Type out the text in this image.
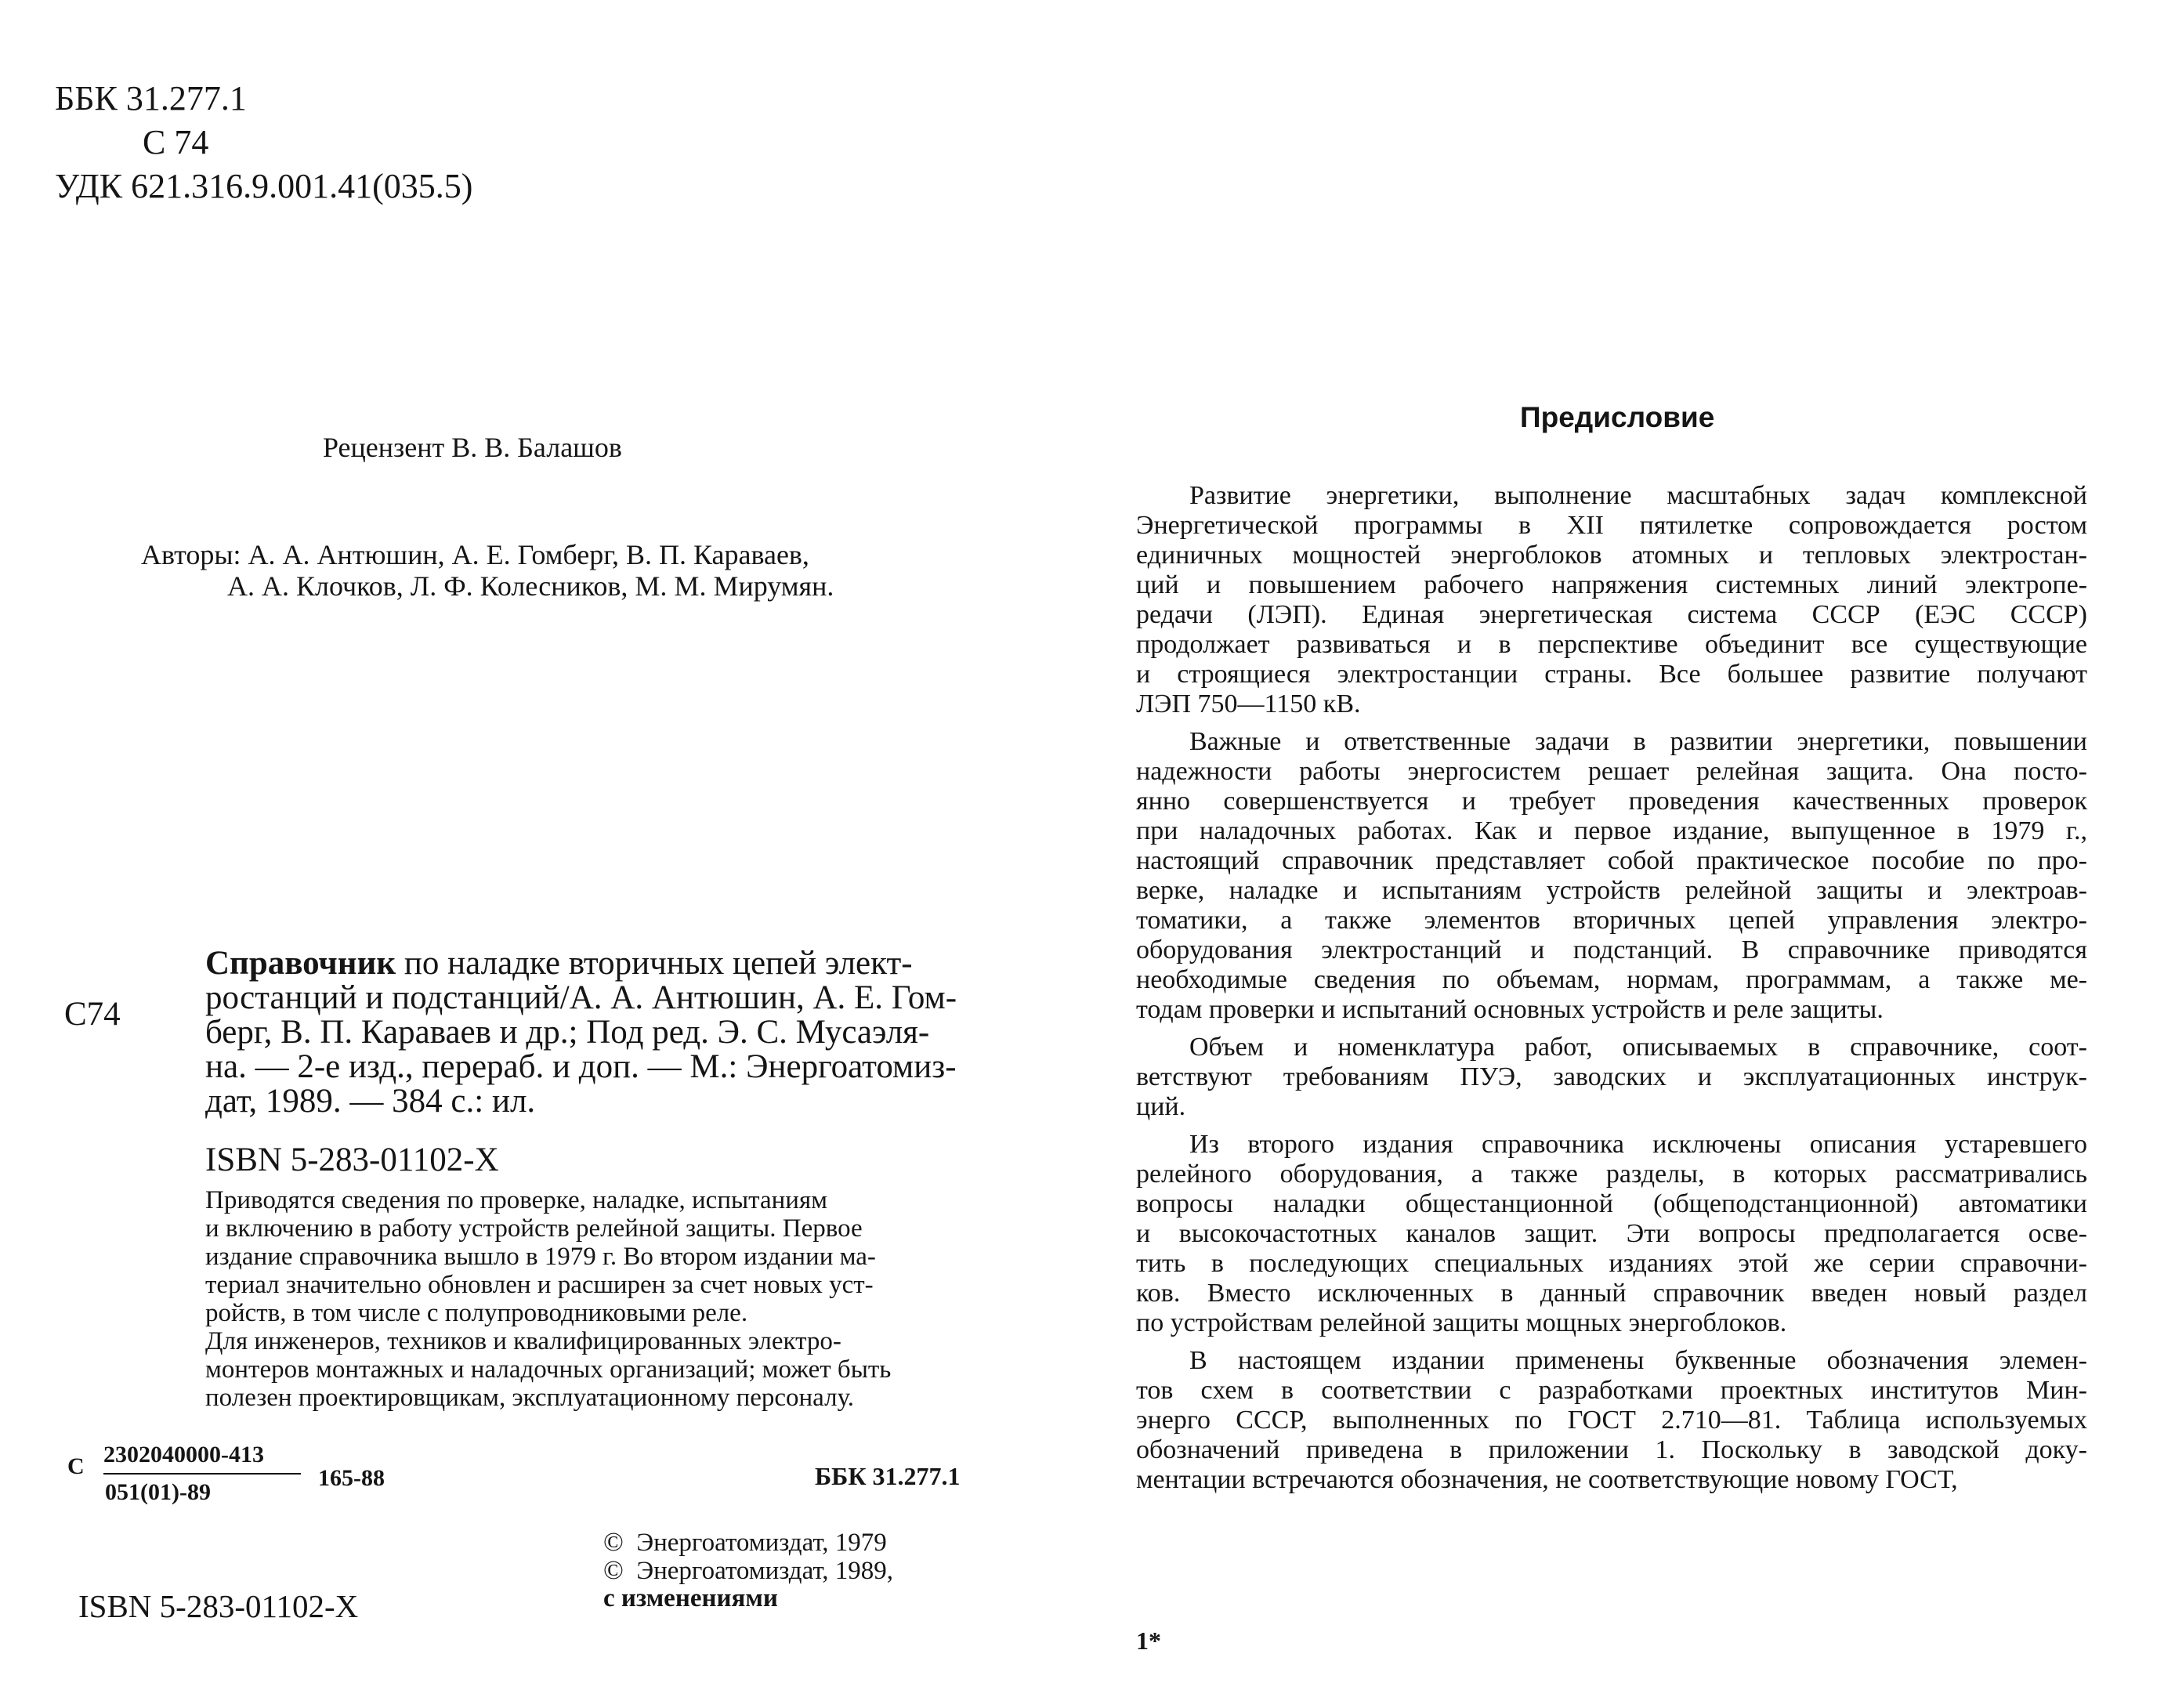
ББК 31.277.1
С 74
УДК 621.316.9.001.41(035.5)
Рецензент В. В. Балашов
Авторы: А. А. Антюшин, А. Е. Гомберг, В. П. Караваев,
А. А. Клочков, Л. Ф. Колесников, М. М. Мирумян.
С74
Справочник по наладке вторичных цепей элект-
ростанций и подстанций/А. А. Антюшин, А. Е. Гом-
берг, В. П. Караваев и др.; Под ред. Э. С. Мусаэля-
на. — 2-е изд., перераб. и доп. — М.: Энергоатомиз-
дат, 1989. — 384 с.: ил.
ISBN 5-283-01102-Х
Приводятся сведения по проверке, наладке, испытаниям
и включению в работу устройств релейной защиты. Первое
издание справочника вышло в 1979 г. Во втором издании ма-
териал значительно обновлен и расширен за счет новых уст-
ройств, в том числе с полупроводниковыми реле.
Для инженеров, техников и квалифицированных электро-
монтеров монтажных и наладочных организаций; может быть
полезен проектировщикам, эксплуатационному персоналу.
С 2302040000-413
051(01)-89
165-88	ББК 31.277.1
© Энергоатомиздат, 1979
© Энергоатомиздат, 1989,
с изменениями
ISBN 5-283-01102-Х
Предисловие
Развитие энергетики, выполнение масштабных задач комплексной
Энергетической программы в XII пятилетке сопровождается ростом
единичных мощностей энергоблоков атомных и тепловых электростан-
ций и повышением рабочего напряжения системных линий электропе-
редачи (ЛЭП). Единая энергетическая система СССР (ЕЭС СССР)
продолжает развиваться и в перспективе объединит все существующие
и строящиеся электростанции страны. Все большее развитие получают
ЛЭП 750—1150 кВ.
Важные и ответственные задачи в развитии энергетики, повышении
надежности работы энергосистем решает релейная защита. Она посто-
янно совершенствуется и требует проведения качественных проверок
при наладочных работах. Как и первое издание, выпущенное в 1979 г.,
настоящий справочник представляет собой практическое пособие по про-
верке, наладке и испытаниям устройств релейной защиты и электроав-
томатики, а также элементов вторичных цепей управления электро-
оборудования электростанций и подстанций. В справочнике приводятся
необходимые сведения по объемам, нормам, программам, а также ме-
тодам проверки и испытаний основных устройств и реле защиты.
Объем и номенклатура работ, описываемых в справочнике, соот-
ветствуют требованиям ПУЭ, заводских и эксплуатационных инструк-
ций.
Из второго издания справочника исключены описания устаревшего
релейного оборудования, а также разделы, в которых рассматривались
вопросы наладки общестанционной (общеподстанционной) автоматики
и высокочастотных каналов защит. Эти вопросы предполагается осве-
тить в последующих специальных изданиях этой же серии справочни-
ков. Вместо исключенных в данный справочник введен новый раздел
по устройствам релейной защиты мощных энергоблоков.
В настоящем издании применены буквенные обозначения элемен-
тов схем в соответствии с разработками проектных институтов Мин-
энерго СССР, выполненных по ГОСТ 2.710—81. Таблица используемых
обозначений приведена в приложении 1. Поскольку в заводской доку-
ментации встречаются обозначения, не соответствующие новому ГОСТ,
1*
